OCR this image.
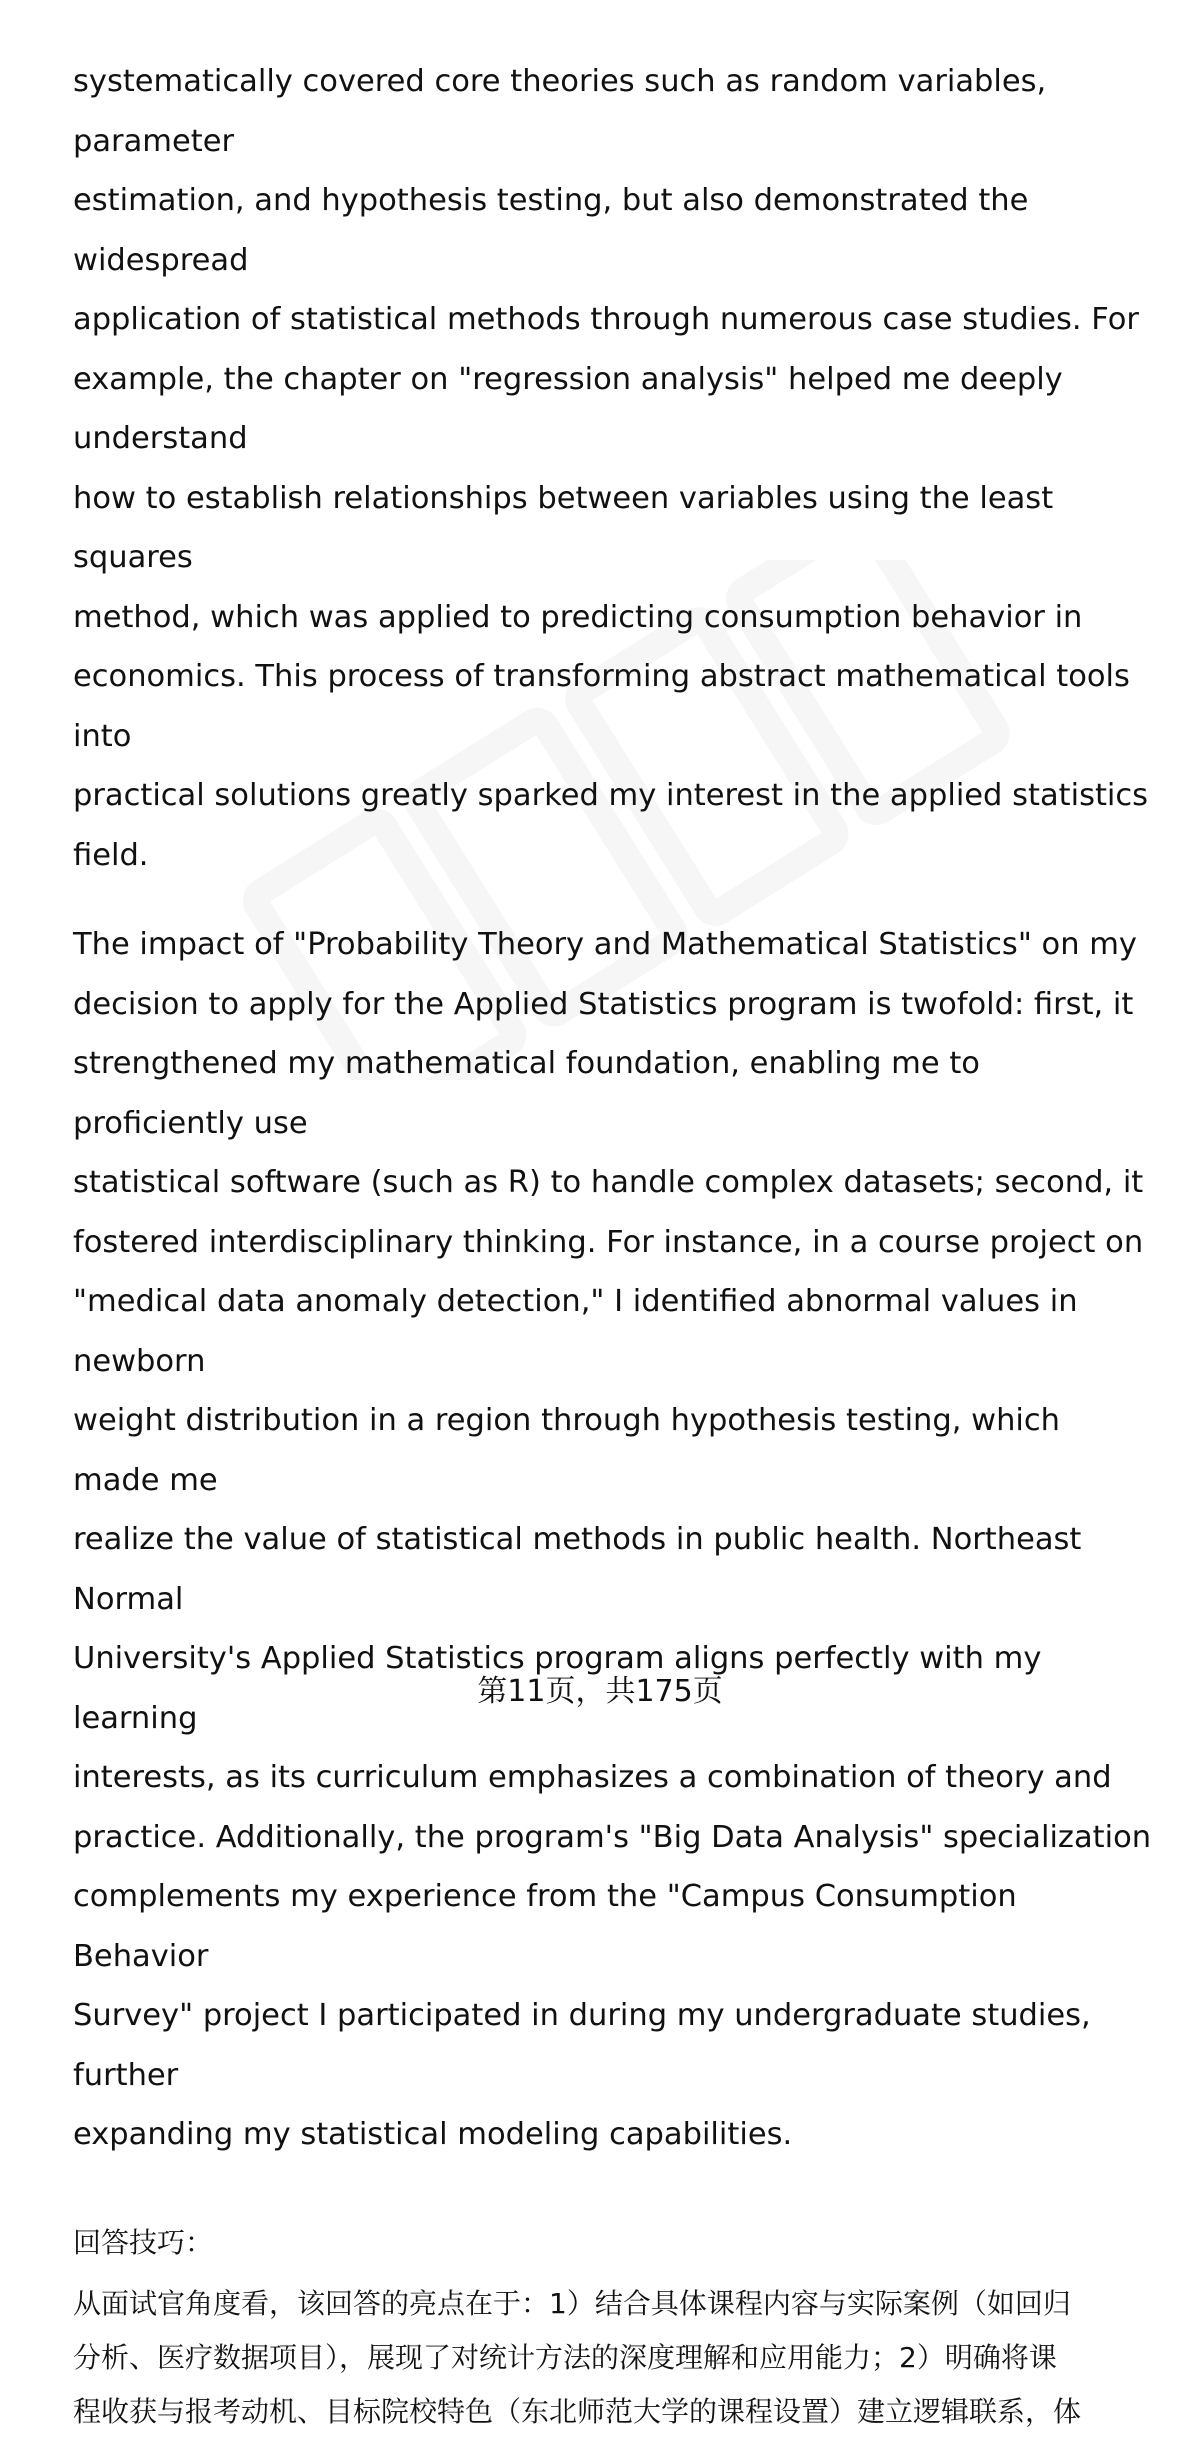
systematically covered core theories such as random variables, parameter
estimation, and hypothesis testing, but also demonstrated the widespread
application of statistical methods through numerous case studies. For
example, the chapter on "regression analysis" helped me deeply understand
how to establish relationships between variables using the least squares
method, which was applied to predicting consumption behavior in
economics. This process of transforming abstract mathematical tools into
practical solutions greatly sparked my interest in the applied statistics field.

The impact of "Probability Theory and Mathematical Statistics" on my
decision to apply for the Applied Statistics program is twofold: first, it
strengthened my mathematical foundation, enabling me to proficiently use
statistical software (such as R) to handle complex datasets; second, it
fostered interdisciplinary thinking. For instance, in a course project on
"medical data anomaly detection," I identified abnormal values in newborn
weight distribution in a region through hypothesis testing, which made me
realize the value of statistical methods in public health. Northeast Normal
University's Applied Statistics program aligns perfectly with my learning
interests, as its curriculum emphasizes a combination of theory and
practice. Additionally, the program's "Big Data Analysis" specialization
complements my experience from the "Campus Consumption Behavior
Survey" project I participated in during my undergraduate studies, further
expanding my statistical modeling capabilities.

回答技巧：

从面试官角度看，该回答的亮点在于：1）结合具体课程内容与实际案例（如回归
分析、医疗数据项目），展现了对统计方法的深度理解和应用能力；2）明确将课
程收获与报考动机、目标院校特色（东北师范大学的课程设置）建立逻辑联系，体

第11页，共175页
